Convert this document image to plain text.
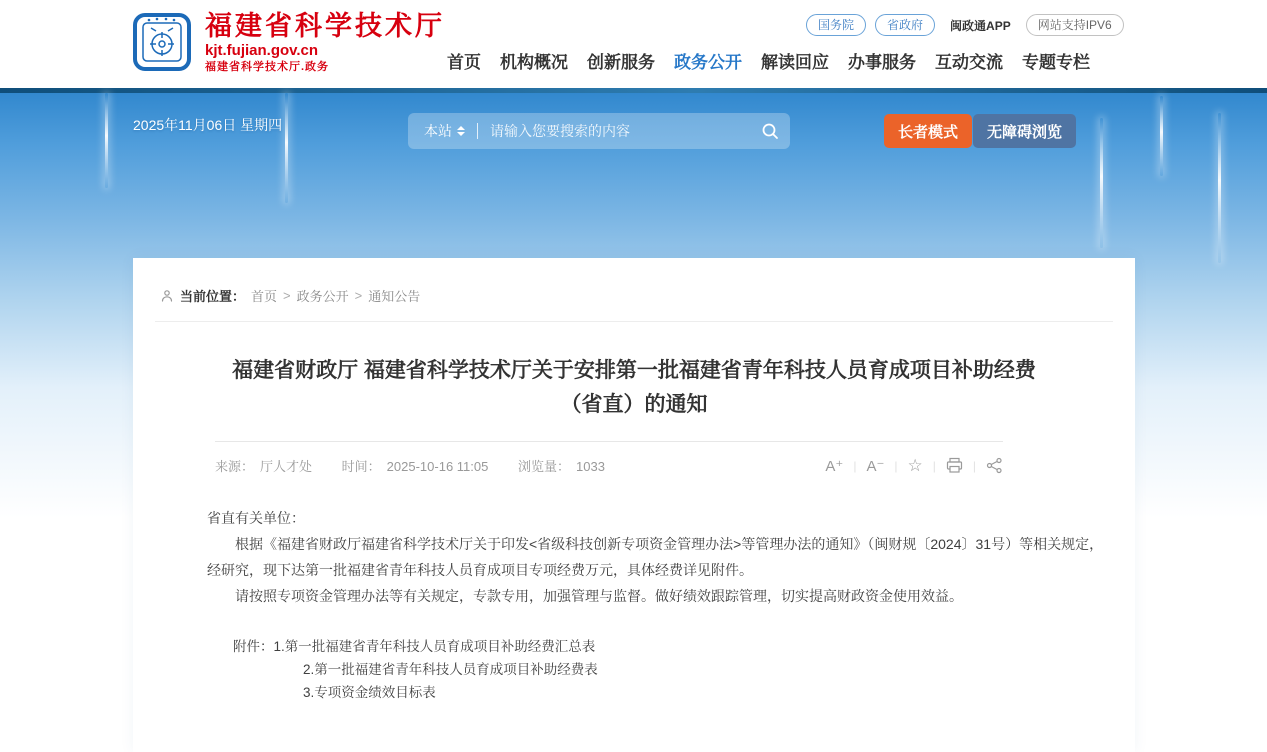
福建省科学技术厅
kjt.fujian.gov.cn
福建省科学技术厅.政务
国务院	省政府	闽政通APP	网站支持IPV6
首页 机构概况 创新服务 政务公开 解读回应 办事服务 互动交流 专题专栏
2025年11月06日 星期四	本站
请输入您要搜索的内容	长者模式	无障碍浏览
当前位置： 首页 > 政务公开 > 通知公告
福建省财政厅 福建省科学技术厅关于安排第一批福建省青年科技人员育成项目补助经费
（省直）的通知
来源： 厅人才处 时间： 2025-10-16 11:05 浏览量： 1033	A⁺ | A⁻ | ☆ |	|

省直有关单位：

根据《福建省财政厅福建省科学技术厅关于印发<省级科技创新专项资金管理办法>等管理办法的通知》（闽财规〔2024〕31号）等相关规定，经研究，现下达第一批福建省青年科技人员育成项目专项经费万元，具体经费详见附件。

请按照专项资金管理办法等有关规定，专款专用，加强管理与监督。做好绩效跟踪管理，切实提高财政资金使用效益。

附件：1.第一批福建省青年科技人员育成项目补助经费汇总表
2.第一批福建省青年科技人员育成项目补助经费表
3.专项资金绩效目标表
